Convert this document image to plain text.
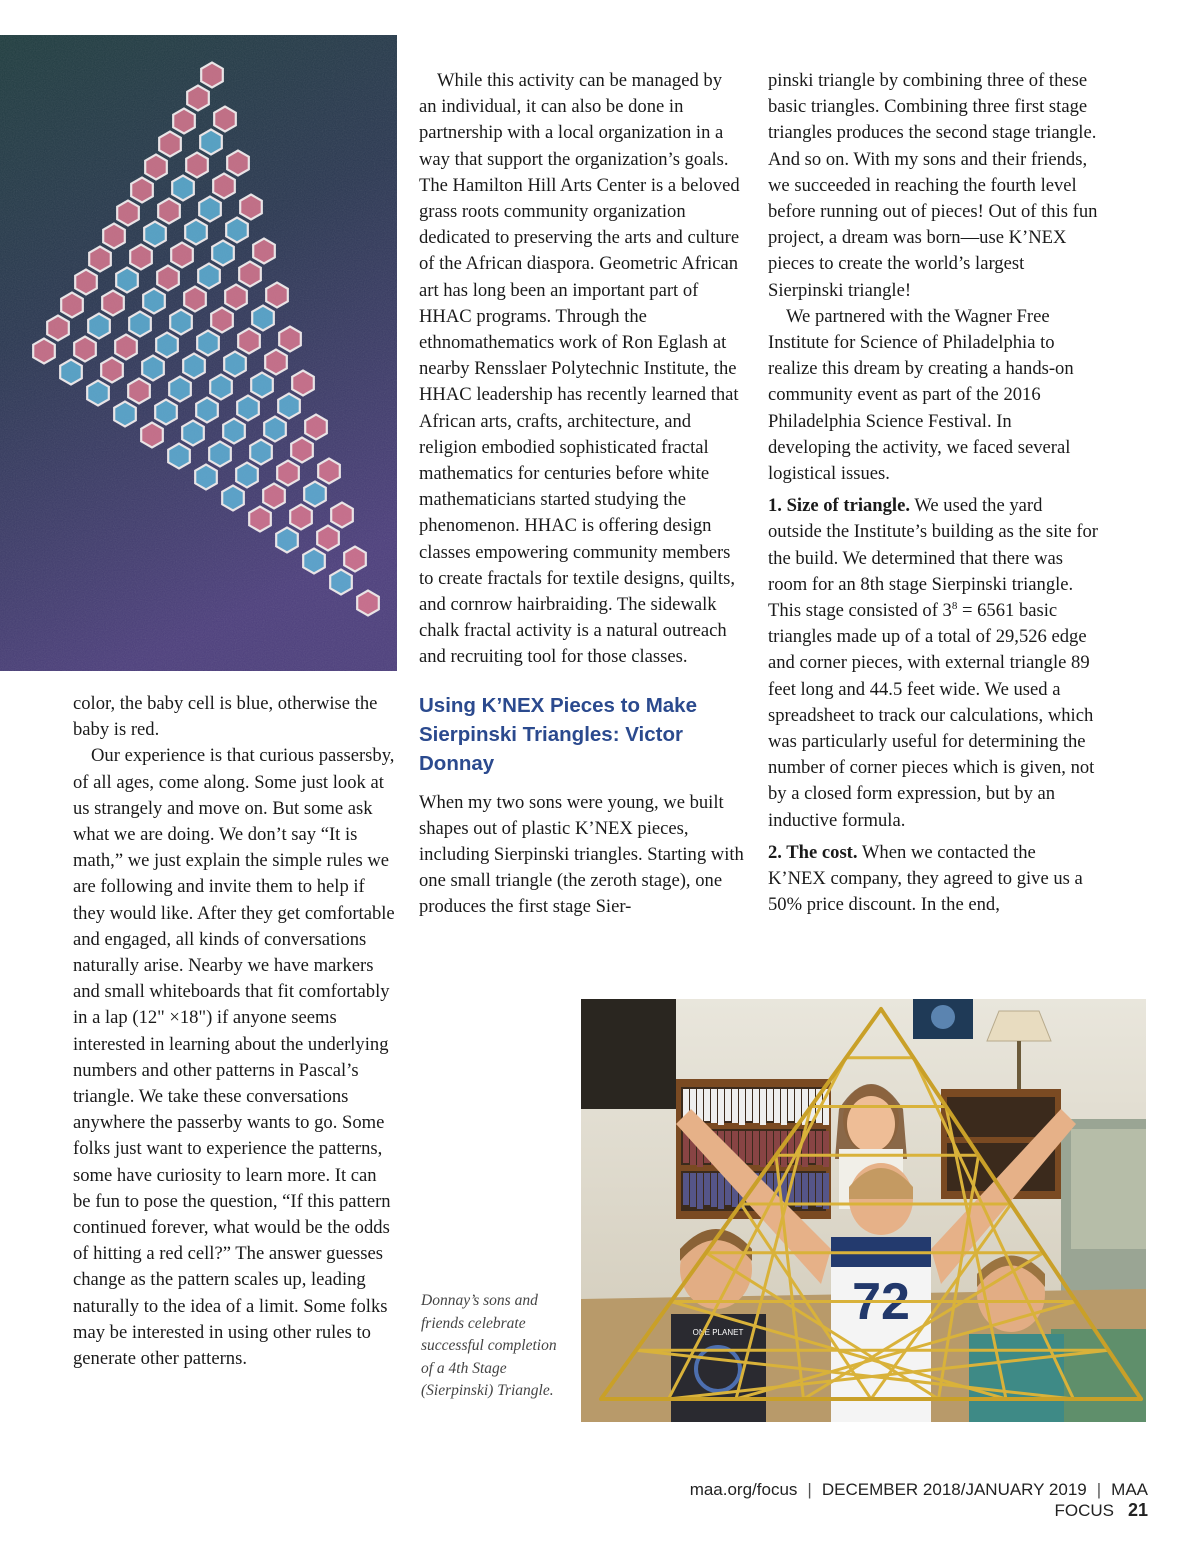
color, the baby cell is blue, otherwise the baby is red.

Our experience is that curious passersby, of all ages, come along. Some just look at us strangely and move on. But some ask what we are doing. We don’t say “It is math,” we just explain the simple rules we are following and invite them to help if they would like. After they get comfortable and engaged, all kinds of conversations naturally arise. Nearby we have markers and small whiteboards that fit comfortably in a lap (12" ×18") if anyone seems interested in learning about the underlying numbers and other patterns in Pascal’s triangle. We take these conversations anywhere the passerby wants to go. Some folks just want to experience the patterns, some have curiosity to learn more. It can be fun to pose the question, “If this pattern continued forever, what would be the odds of hitting a red cell?” The answer guesses change as the pattern scales up, leading naturally to the idea of a limit. Some folks may be interested in using other rules to generate other patterns.

While this activity can be managed by an individual, it can also be done in partnership with a local organization in a way that support the organization’s goals. The Hamilton Hill Arts Center is a beloved grass roots community organization dedicated to preserving the arts and culture of the African diaspora. Geometric African art has long been an important part of HHAC programs. Through the ethnomathematics work of Ron Eglash at nearby Rensslaer Polytechnic Institute, the HHAC leadership has recently learned that African arts, crafts, architecture, and religion embodied sophisticated fractal mathematics for centuries before white mathematicians started studying the phenomenon. HHAC is offering design classes empowering community members to create fractals for textile designs, quilts, and cornrow hairbraiding. The sidewalk chalk fractal activity is a natural outreach and recruiting tool for those classes.

Using K’NEX Pieces to Make Sierpinski Triangles: Victor Donnay

When my two sons were young, we built shapes out of plastic K’NEX pieces, including Sierpinski triangles. Starting with one small triangle (the zeroth stage), one produces the first stage Sier-

pinski triangle by combining three of these basic triangles. Combining three first stage triangles produces the second stage triangle. And so on. With my sons and their friends, we succeeded in reaching the fourth level before running out of pieces! Out of this fun project, a dream was born—use K’NEX pieces to create the world’s largest Sierpinski triangle!

We partnered with the Wagner Free Institute for Science of Philadelphia to realize this dream by creating a hands-on community event as part of the 2016 Philadelphia Science Festival. In developing the activity, we faced several logistical issues.

1. Size of triangle. We used the yard outside the Institute’s building as the site for the build. We determined that there was room for an 8th stage Sierpinski triangle. This stage consisted of $3^8 = 6561$ basic triangles made up of a total of 29,526 edge and corner pieces, with external triangle 89 feet long and 44.5 feet wide. We used a spreadsheet to track our calculations, which was particularly useful for determining the number of corner pieces which is given, not by a closed form expression, but by an inductive formula.

2. The cost. When we contacted the K’NEX company, they agreed to give us a 50% price discount. In the end,

72
ONE PLANET
Donnay’s sons and friends celebrate successful completion of a 4th Stage (Sierpinski) Triangle.
maa.org/focus | DECEMBER 2018/JANUARY 2019 | MAA FOCUS 21
